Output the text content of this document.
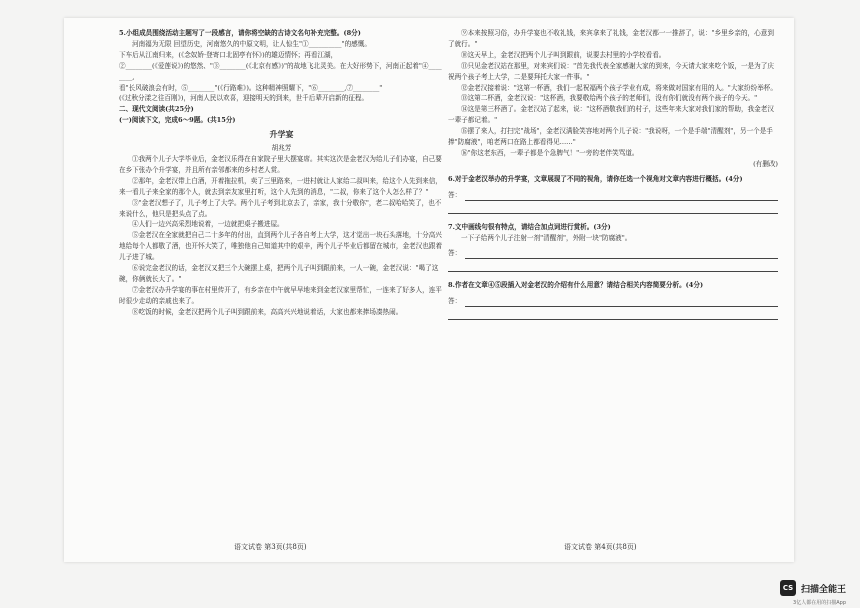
5.小组成员围绕活动主题写了一段感言，请你将空缺的古诗文名句补充完整。(8分)

河南福为无限 回望历史，河南悠久的中原文明，让人惊生"①__________"的感慨。

下车后从江南归来，(《念奴娇·登寄口北固亭有怀》)的雄迈情怀；再看江湖，

②________(《爱莲说》)的悠然、"③________(《北京有感》)"的故地飞北灵美。在大好形势下，河南正起着"④________,

看"长风破浪会有时，⑤________"(《行路难》)。这种精神照耀下，"⑥________,⑦________"

(《过秋分漾之往百刚》)，河南人民以欢喜，迎接明天的到来，世千后辈开启新的征程。

二、现代文阅读(共25分)

(一)阅读下文，完成6～9题。(共15分)

升学宴

胡兆芳

①我两个儿子大学毕业后，金老汉乐得在自家院子里大摆宴席。其实这次是金老汉为给儿子们办宴，自己要在乡下张办个升学宴，并且所有亲邻都来的乡村老人赏。

②那年，金老汉带上白酒，开着拖拉机，卖了三里路来，一进村就让人家给二叔叫来，给这个人先到来信，来一看儿子来全家的那个人，就去到亲友家里打听，这个人先到的消息，"二叔，你来了这个人怎么样了？"

③"金老汉想子了，儿子考上了大学。两个儿子考到北京去了，亲家，我十分敬你"，老二叔哈哈笑了，也不来说什么，他只是把头点了点。

④人们一边兴高采烈地说着，一边就把桌子搬进屋。

⑤金老汉在全家就把自己二十多年的付出，直到两个儿子各自考上大学，这才觉出一块石头落地，十分高兴地给每个人都敬了酒，也开怀大笑了，唯独他自己知道其中的艰辛，两个儿子毕业后都留在城市，金老汉也跟着儿子进了城。

⑥说完金老汉的话，金老汉又把三个大碗摆上桌，把两个儿子叫到跟前来，一人一碗，金老汉说："喝了这碗，你俩就长大了。"

⑦金老汉办升学宴的事在村里传开了，有乡亲在中午就早早地来到金老汉家里帮忙，一连来了好多人，连平时很少走动的亲戚也来了。

⑧吃饭的时候，金老汉把两个儿子叫到跟前来，高高兴兴地说着话，大家也都来捧场凑热闹。

语文试卷 第3页(共8页)

⑨本来按照习俗，办升学宴也不收礼钱，来宾拿来了礼钱，金老汉都一一推辞了，说："乡里乡亲的，心意到了就行。"

⑩这天早上，金老汉把两个儿子叫到跟前，说要去村里的小学校看看。

⑪只见金老汉站在那里，对来宾们说："首先我代表全家感谢大家的到来，今天请大家来吃个饭，一是为了庆祝两个孩子考上大学，二是要拜托大家一件事。"

⑫金老汉接着说："这第一杯酒，我们一起祝福两个孩子学业有成，将来做对国家有用的人。"大家纷纷举杯。

⑬这第二杯酒，金老汉说："这杯酒，我要敬给两个孩子的老师们，没有你们就没有两个孩子的今天。"

⑭这是第三杯酒了。金老汉站了起来，说："这杯酒敬我们的村子，这些年来大家对我们家的帮助，我金老汉一辈子都记着。"

⑮摆了来人，打扫完"战场"，金老汉满脸笑容地对两个儿子说："我说呀，一个是手端"清醒剂"，另一个是手捧"防腐液"，咱老两口在路上都看得见……"

⑯"你这老东西，一辈子都是个急脾气！"一旁的老伴笑骂道。

(有删改)

6.对于金老汉举办的升学宴，文章展现了不同的视角，请你任选一个视角对文章内容进行概括。(4分)

答：

7.文中画线句很有特点，请结合加点词进行赏析。(3分)

一下子给两个儿子注射一剂"清醒剂"，外附一块"防腐液"。

答：

8.作者在文章④⑤段插入对金老汉的介绍有什么用意？请结合相关内容简要分析。(4分)

答：
语文试卷 第4页(共8页)
CS 扫描全能王
3亿人都在用的扫描App
